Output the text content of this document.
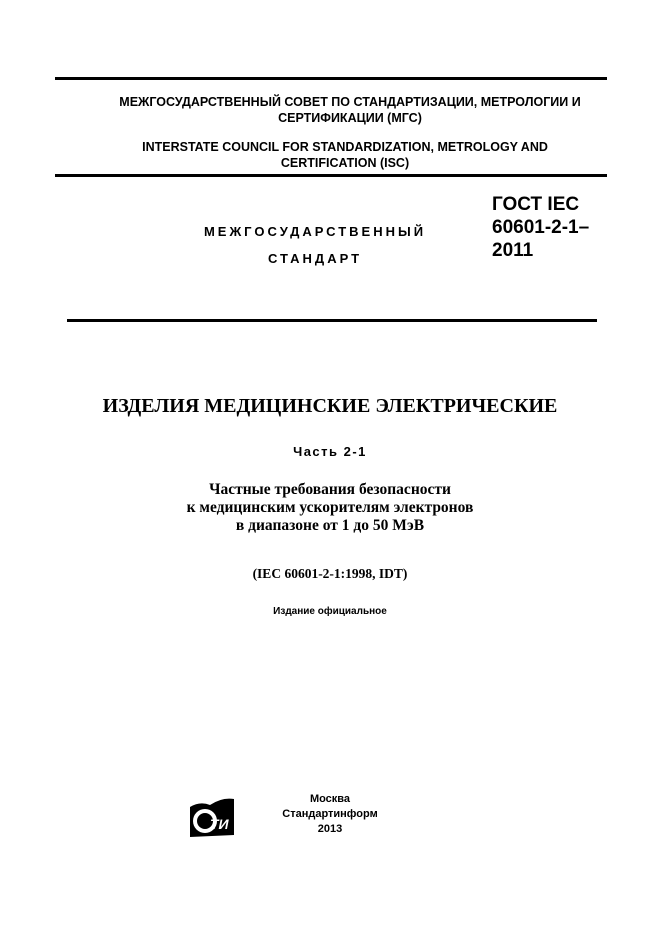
МЕЖГОСУДАРСТВЕННЫЙ СОВЕТ ПО СТАНДАРТИЗАЦИИ, МЕТРОЛОГИИ И СЕРТИФИКАЦИИ (МГС)
INTERSTATE COUNCIL FOR STANDARDIZATION, METROLOGY AND CERTIFICATION (ISC)
МЕЖГОСУДАРСТВЕННЫЙ
СТАНДАРТ
ГОСТ IEC
60601-2-1–
2011
ИЗДЕЛИЯ МЕДИЦИНСКИЕ ЭЛЕКТРИЧЕСКИЕ
Часть 2-1
Частные требования безопасности
к медицинским ускорителям электронов
в диапазоне от 1 до 50 МэВ
(IEC 60601-2-1:1998, IDT)
Издание официальное
ТИ
Москва
Стандартинформ
2013
